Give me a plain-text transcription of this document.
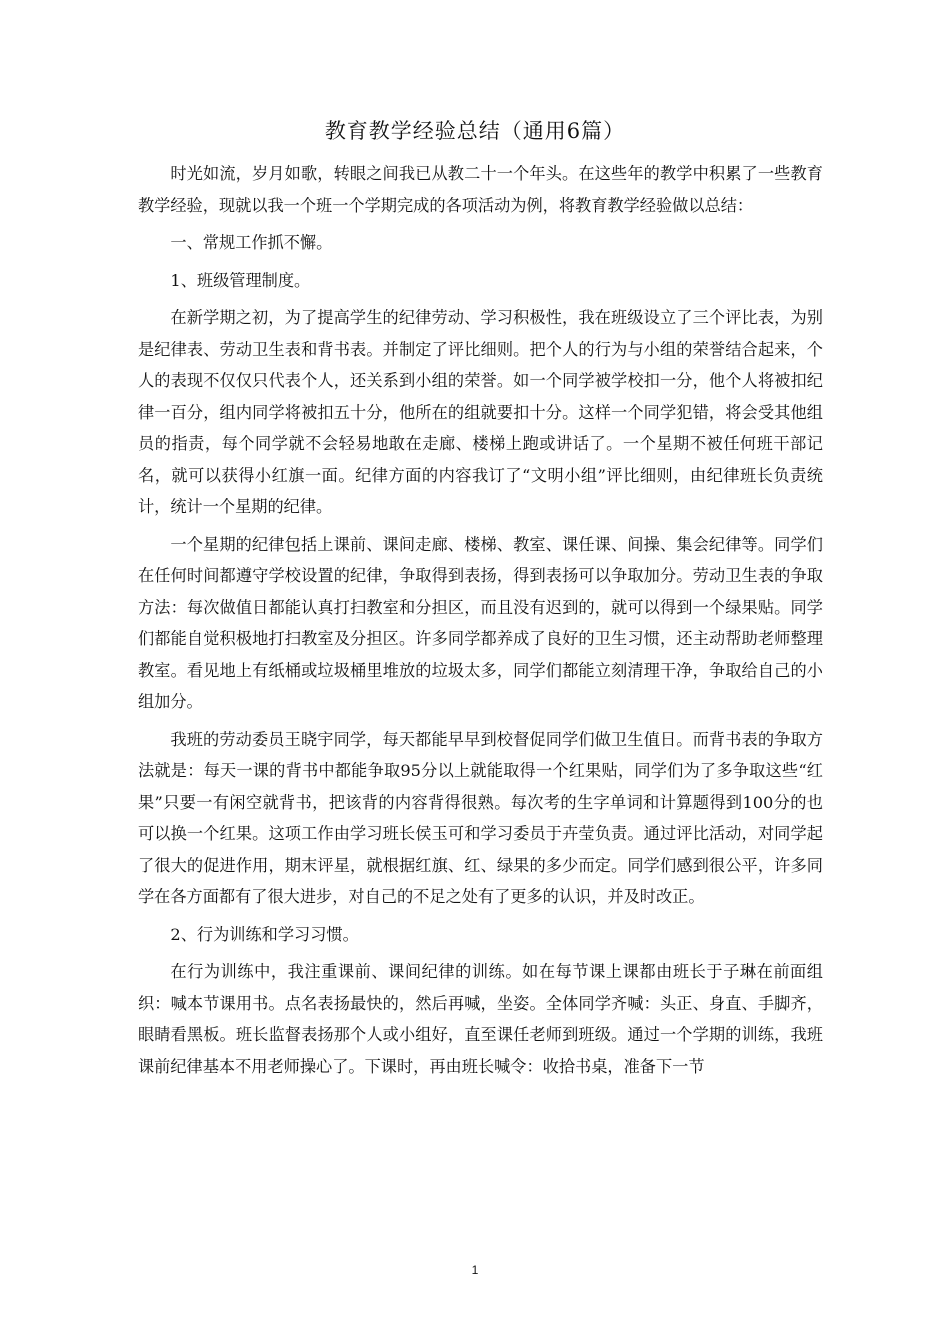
教育教学经验总结（通用6篇）

时光如流，岁月如歌，转眼之间我已从教二十一个年头。在这些年的教学中积累了一些教育教学经验，现就以我一个班一个学期完成的各项活动为例，将教育教学经验做以总结：

一、常规工作抓不懈。

1、班级管理制度。

在新学期之初，为了提高学生的纪律劳动、学习积极性，我在班级设立了三个评比表，为别是纪律表、劳动卫生表和背书表。并制定了评比细则。把个人的行为与小组的荣誉结合起来，个人的表现不仅仅只代表个人，还关系到小组的荣誉。如一个同学被学校扣一分，他个人将被扣纪律一百分，组内同学将被扣五十分，他所在的组就要扣十分。这样一个同学犯错，将会受其他组员的指责，每个同学就不会轻易地敢在走廊、楼梯上跑或讲话了。一个星期不被任何班干部记名，就可以获得小红旗一面。纪律方面的内容我订了“文明小组”评比细则，由纪律班长负责统计，统计一个星期的纪律。

一个星期的纪律包括上课前、课间走廊、楼梯、教室、课任课、间操、集会纪律等。同学们在任何时间都遵守学校设置的纪律，争取得到表扬，得到表扬可以争取加分。劳动卫生表的争取方法：每次做值日都能认真打扫教室和分担区，而且没有迟到的，就可以得到一个绿果贴。同学们都能自觉积极地打扫教室及分担区。许多同学都养成了良好的卫生习惯，还主动帮助老师整理教室。看见地上有纸桶或垃圾桶里堆放的垃圾太多，同学们都能立刻清理干净，争取给自己的小组加分。

我班的劳动委员王晓宇同学，每天都能早早到校督促同学们做卫生值日。而背书表的争取方法就是：每天一课的背书中都能争取95分以上就能取得一个红果贴，同学们为了多争取这些“红果”只要一有闲空就背书，把该背的内容背得很熟。每次考的生字单词和计算题得到100分的也可以换一个红果。这项工作由学习班长侯玉可和学习委员于卉莹负责。通过评比活动，对同学起了很大的促进作用，期末评星，就根据红旗、红、绿果的多少而定。同学们感到很公平，许多同学在各方面都有了很大进步，对自己的不足之处有了更多的认识，并及时改正。

2、行为训练和学习习惯。

在行为训练中，我注重课前、课间纪律的训练。如在每节课上课都由班长于子琳在前面组织：喊本节课用书。点名表扬最快的，然后再喊，坐姿。全体同学齐喊：头正、身直、手脚齐，眼睛看黑板。班长监督表扬那个人或小组好，直至课任老师到班级。通过一个学期的训练，我班课前纪律基本不用老师操心了。下课时，再由班长喊令：收拾书桌，准备下一节

1
